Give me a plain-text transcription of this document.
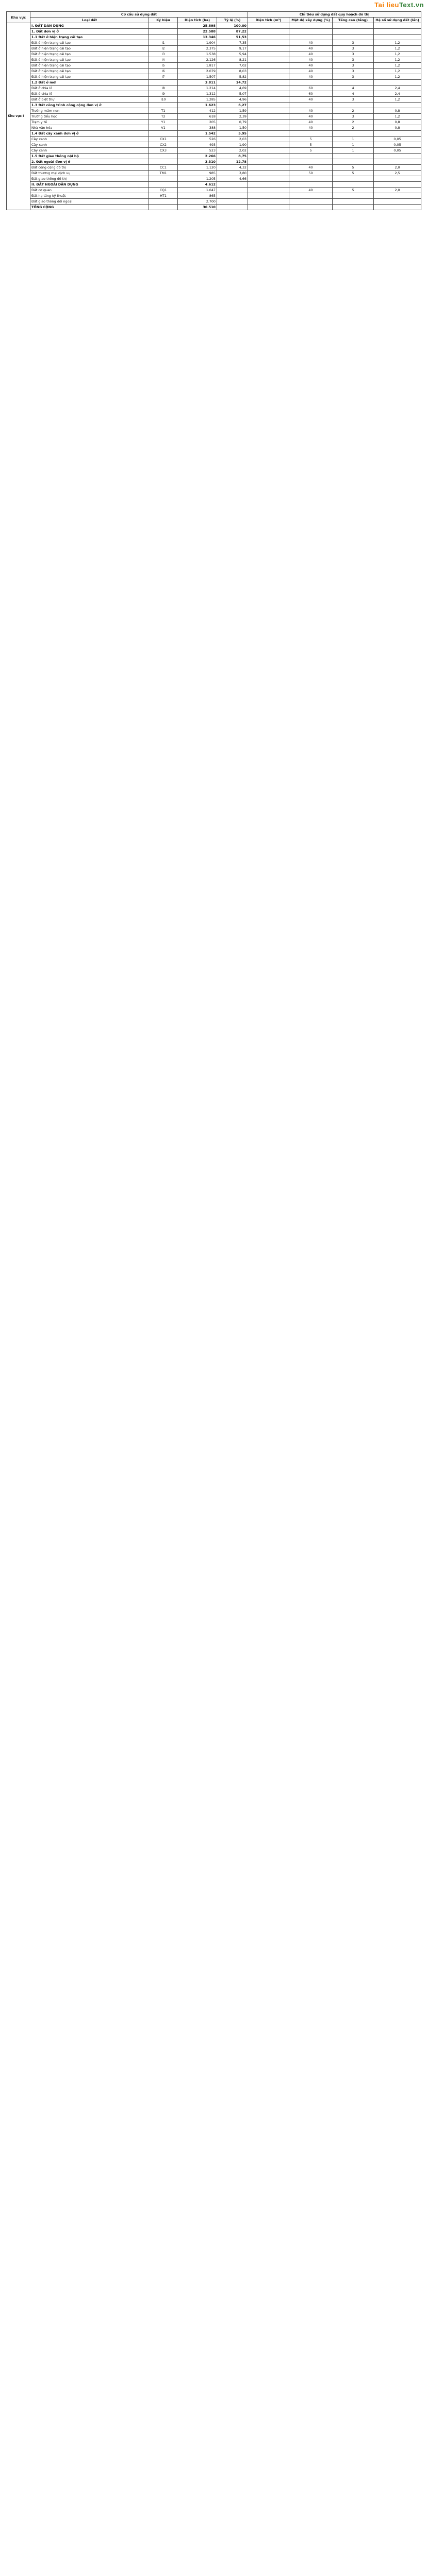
Tai lieuText.vn
Khu vực	Cơ cấu sử dụng đất				Chỉ tiêu sử dụng đất quy hoạch đô thị			
	Loại đất	Ký hiệu	Diện tích (ha)	Tỷ lệ (%)	Diện tích (m²)	Mật độ xây dựng (%)	Tầng cao (tầng)	Hệ số sử dụng đất (lần)
Khu vực I	I. ĐẤT DÂN DỤNG		25.898	100,00				
	1. Đất đơn vị ở		22.588	87,22				
	1.1 Đất ở hiện trạng cải tạo		13.346	51,53				
	Đất ở hiện trạng cải tạo	I1	1.904	7,35		40	3	1,2
	Đất ở hiện trạng cải tạo	I2	2.375	9,17		40	3	1,2
	Đất ở hiện trạng cải tạo	I3	1.538	5,94		40	3	1,2
	Đất ở hiện trạng cải tạo	I4	2.126	8,21		40	3	1,2
	Đất ở hiện trạng cải tạo	I5	1.817	7,02		40	3	1,2
	Đất ở hiện trạng cải tạo	I6	2.079	8,03		40	3	1,2
	Đất ở hiện trạng cải tạo	I7	1.507	5,82		40	3	1,2
	1.2 Đất ở mới		3.811	14,72				
	Đất ở chia lô	I8	1.214	4,69		60	4	2,4
	Đất ở chia lô	I9	1.312	5,07		60	4	2,4
	Đất ở biệt thự	I10	1.285	4,96		40	3	1,2
	1.3 Đất công trình công cộng đơn vị ở		1.623	6,27				
	Trường mầm non	T1	412	1,59		40	2	0,8
	Trường tiểu học	T2	618	2,39		40	3	1,2
	Trạm y tế	Y1	205	0,79		40	2	0,8
	Nhà văn hóa	V1	388	1,50		40	2	0,8
	1.4 Đất cây xanh đơn vị ở		1.542	5,95				
	Cây xanh	CX1	526	2,03		5	1	0,05
	Cây xanh	CX2	493	1,90		5	1	0,05
	Cây xanh	CX3	523	2,02		5	1	0,05
	1.5 Đất giao thông nội bộ		2.266	8,75				
	2. Đất ngoài đơn vị ở		3.310	12,78				
	Đất công cộng đô thị	CC1	1.120	4,32		40	5	2,0
	Đất thương mại dịch vụ	TM1	985	3,80		50	5	2,5
	Đất giao thông đô thị		1.205	4,66				
	II. ĐẤT NGOÀI DÂN DỤNG		4.612					
	Đất cơ quan	CQ1	1.047			40	5	2,0
	Đất hạ tầng kỹ thuật	HT1	865					
	Đất giao thông đối ngoại		2.700					
	TỔNG CỘNG		30.510					
